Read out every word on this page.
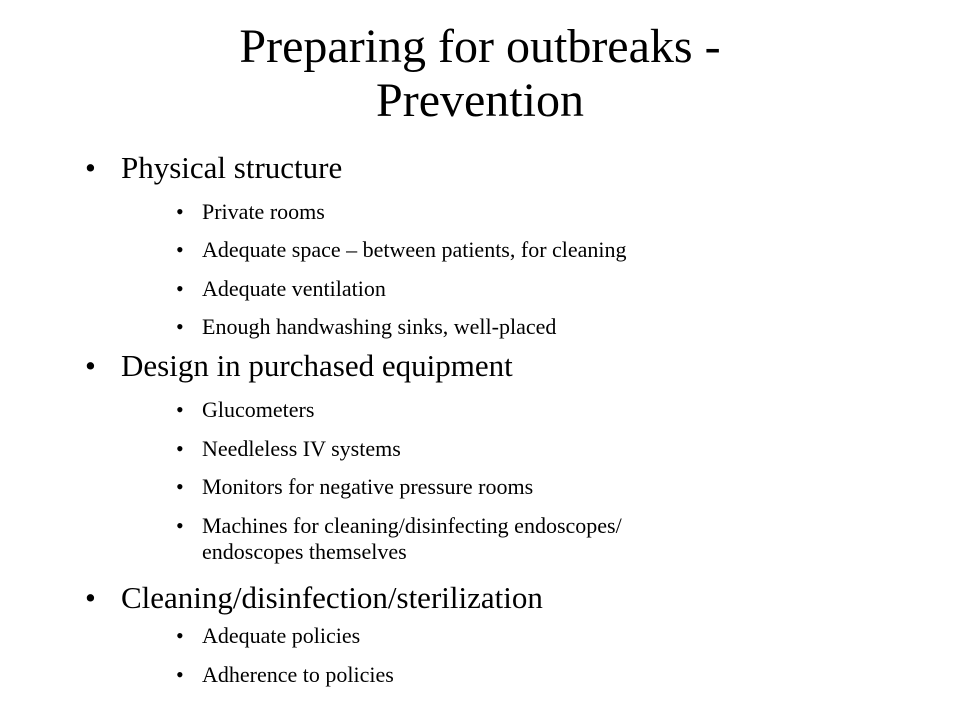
Preparing for outbreaks -
Prevention
• Physical structure
• Private rooms
• Adequate space – between patients, for cleaning
• Adequate ventilation
• Enough handwashing sinks, well-placed
• Design in purchased equipment
• Glucometers
• Needleless IV systems
• Monitors for negative pressure rooms
• Machines for cleaning/disinfecting endoscopes/
endoscopes themselves
• Cleaning/disinfection/sterilization
• Adequate policies
• Adherence to policies
